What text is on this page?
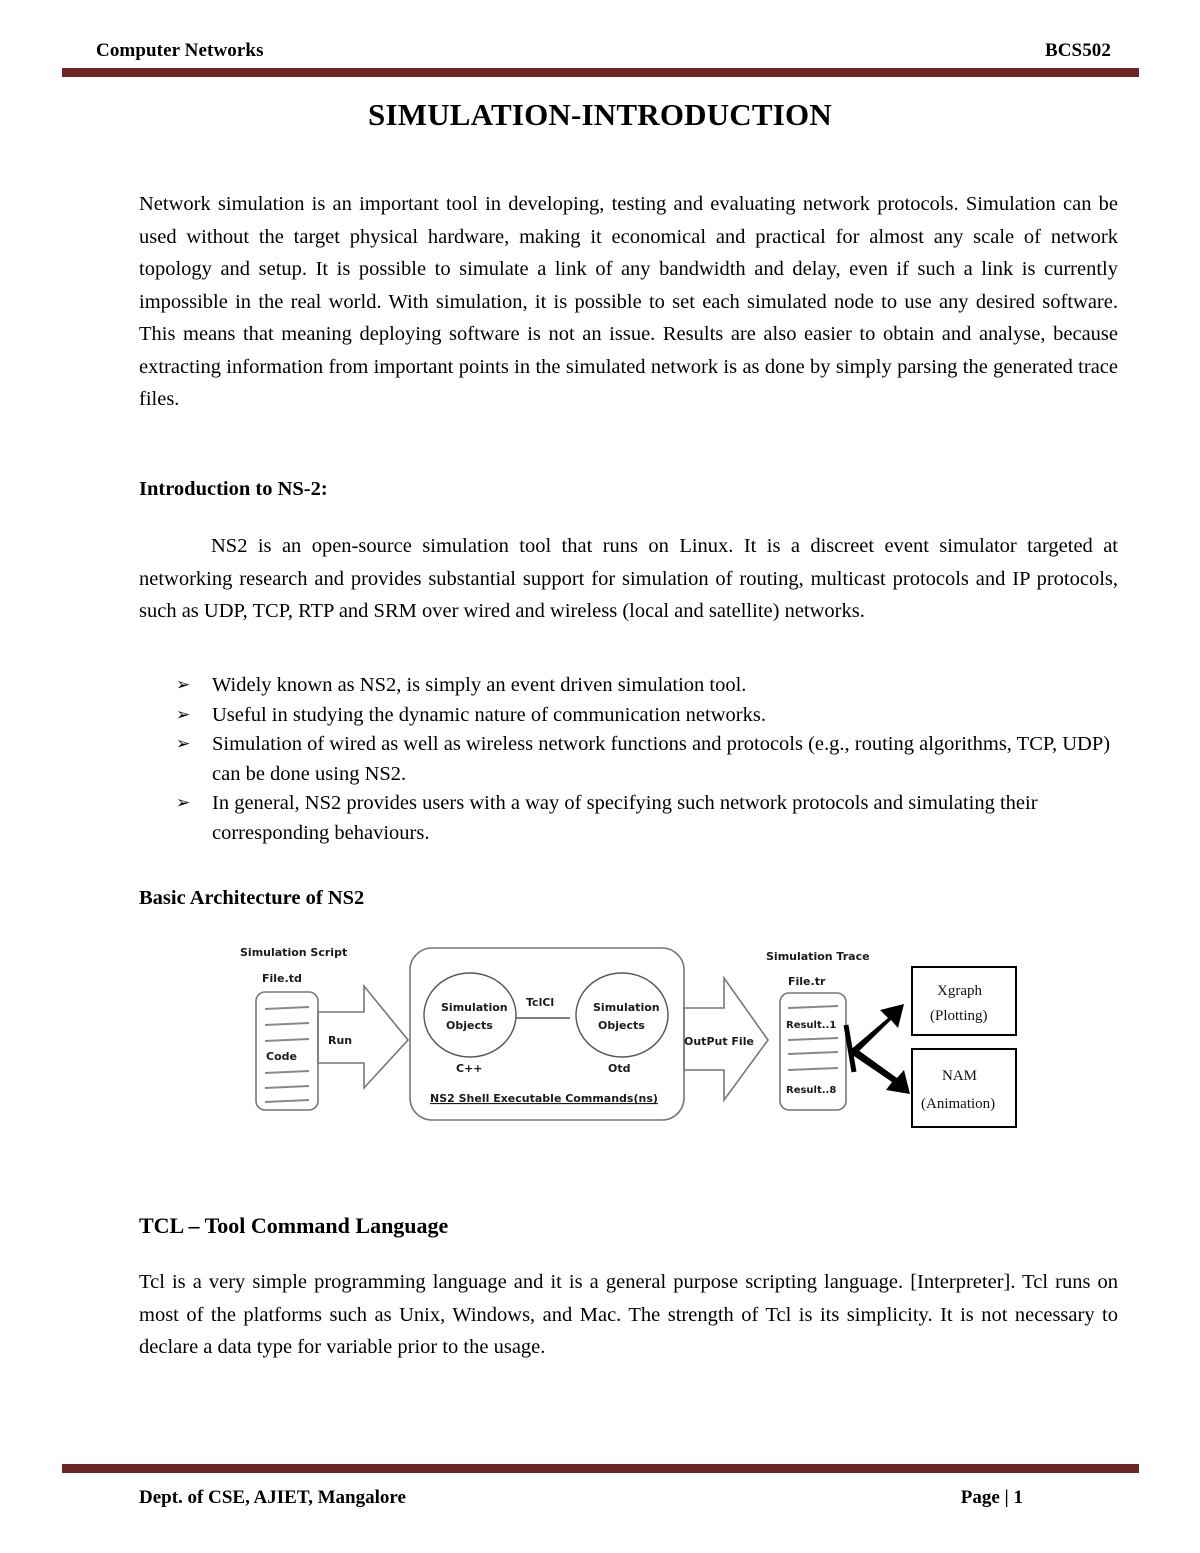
Computer Networks	BCS502
SIMULATION-INTRODUCTION
Network simulation is an important tool in developing, testing and evaluating network protocols. Simulation can be used without the target physical hardware, making it economical and practical for almost any scale of network topology and setup. It is possible to simulate a link of any bandwidth and delay, even if such a link is currently impossible in the real world. With simulation, it is possible to set each simulated node to use any desired software. This means that meaning deploying software is not an issue. Results are also easier to obtain and analyse, because extracting information from important points in the simulated network is as done by simply parsing the generated trace files.
Introduction to NS-2:
NS2 is an open-source simulation tool that runs on Linux. It is a discreet event simulator targeted at networking research and provides substantial support for simulation of routing, multicast protocols and IP protocols, such as UDP, TCP, RTP and SRM over wired and wireless (local and satellite) networks.
➢	Widely known as NS2, is simply an event driven simulation tool.
➢	Useful in studying the dynamic nature of communication networks.
➢	Simulation of wired as well as wireless network functions and protocols (e.g., routing algorithms, TCP, UDP) can be done using NS2.
➢	In general, NS2 provides users with a way of specifying such network protocols and simulating their corresponding behaviours.
Basic Architecture of NS2
Simulation Script
File.td
Code
Run
Simulation
Objects
C++
TclCl	Simulation
Objects
Otd
NS2 Shell Executable Commands(ns)
OutPut File
Simulation Trace
File.tr
Result..1
Result..8
Xgraph
(Plotting)
NAM
(Animation)
TCL – Tool Command Language
Tcl is a very simple programming language and it is a general purpose scripting language. [Interpreter]. Tcl runs on most of the platforms such as Unix, Windows, and Mac. The strength of Tcl is its simplicity. It is not necessary to declare a data type for variable prior to the usage.
Dept. of CSE, AJIET, Mangalore	Page | 1
